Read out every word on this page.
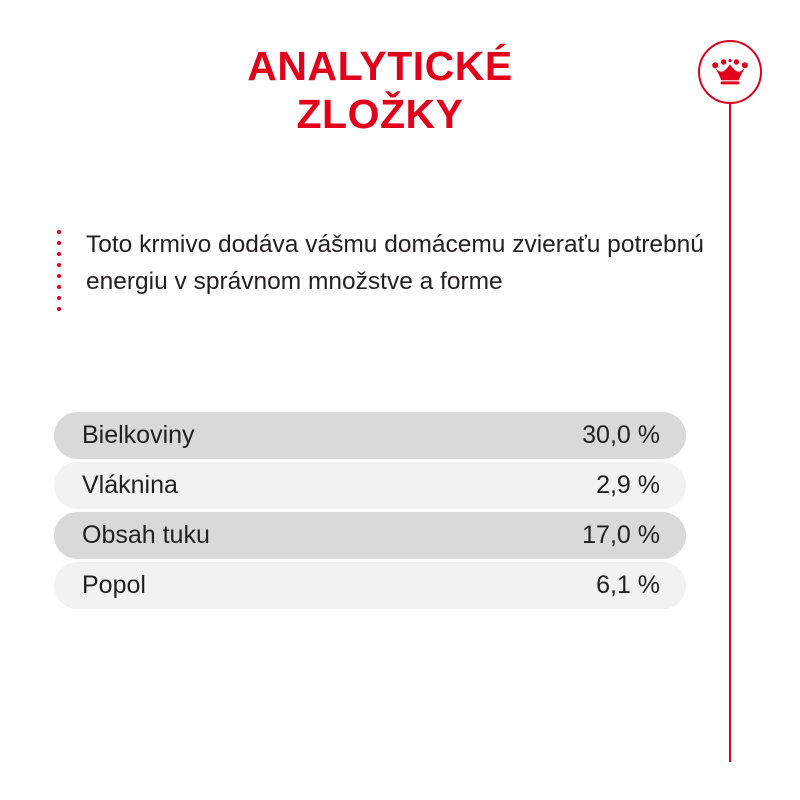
ANALYTICKÉ
ZLOŽKY
Toto krmivo dodáva vášmu domácemu zvieraťu potrebnú energiu v správnom množstve a forme
Bielkoviny	30,0 %
Vláknina	2,9 %
Obsah tuku	17,0 %
Popol	6,1 %
